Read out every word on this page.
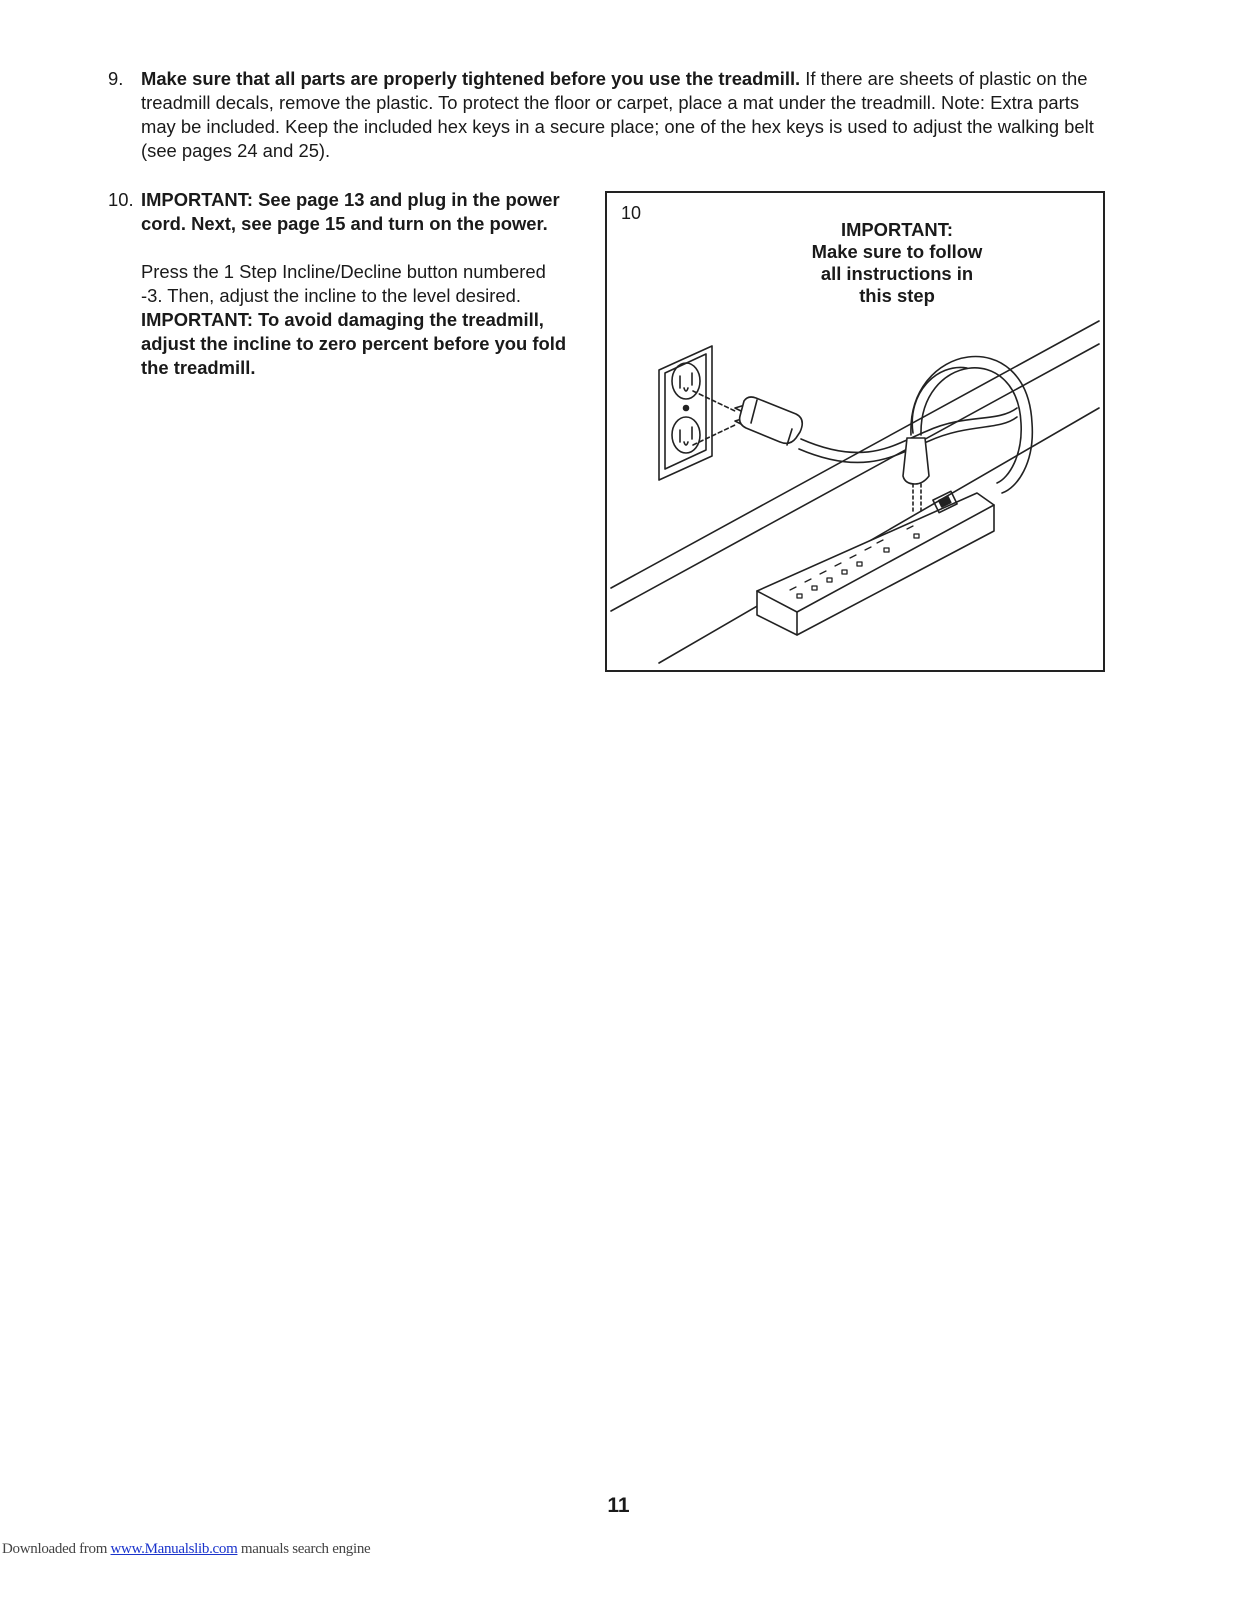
9. Make sure that all parts are properly tightened before you use the treadmill. If there are sheets of plastic on the treadmill decals, remove the plastic. To protect the floor or carpet, place a mat under the treadmill. Note: Extra parts may be included. Keep the included hex keys in a secure place; one of the hex keys is used to adjust the walking belt (see pages 24 and 25).
10. IMPORTANT: See page 13 and plug in the power cord. Next, see page 15 and turn on the power.
Press the 1 Step Incline/Decline button numbered -3. Then, adjust the incline to the level desired. IMPORTANT: To avoid damaging the treadmill, adjust the incline to zero percent before you fold the treadmill.
10
IMPORTANT:
Make sure to follow
all instructions in
this step
11
Downloaded from www.Manualslib.com manuals search engine
